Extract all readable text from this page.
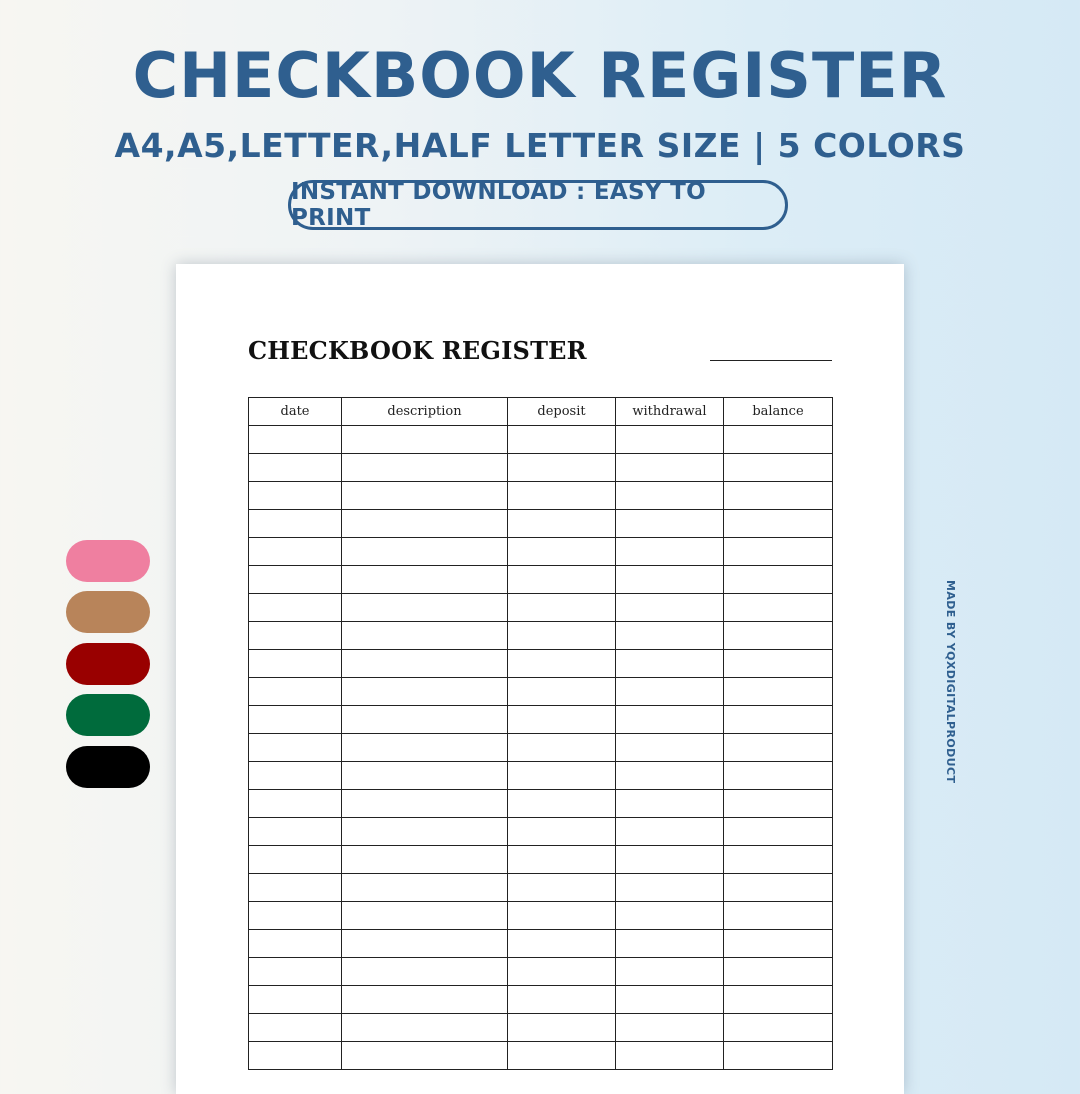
CHECKBOOK REGISTER
A4,A5,LETTER,HALF LETTER SIZE | 5 COLORS
INSTANT DOWNLOAD : EASY TO PRINT
CHECKBOOK REGISTER
date	description	deposit	withdrawal	balance

MADE BY YQXDIGITALPRODUCT
